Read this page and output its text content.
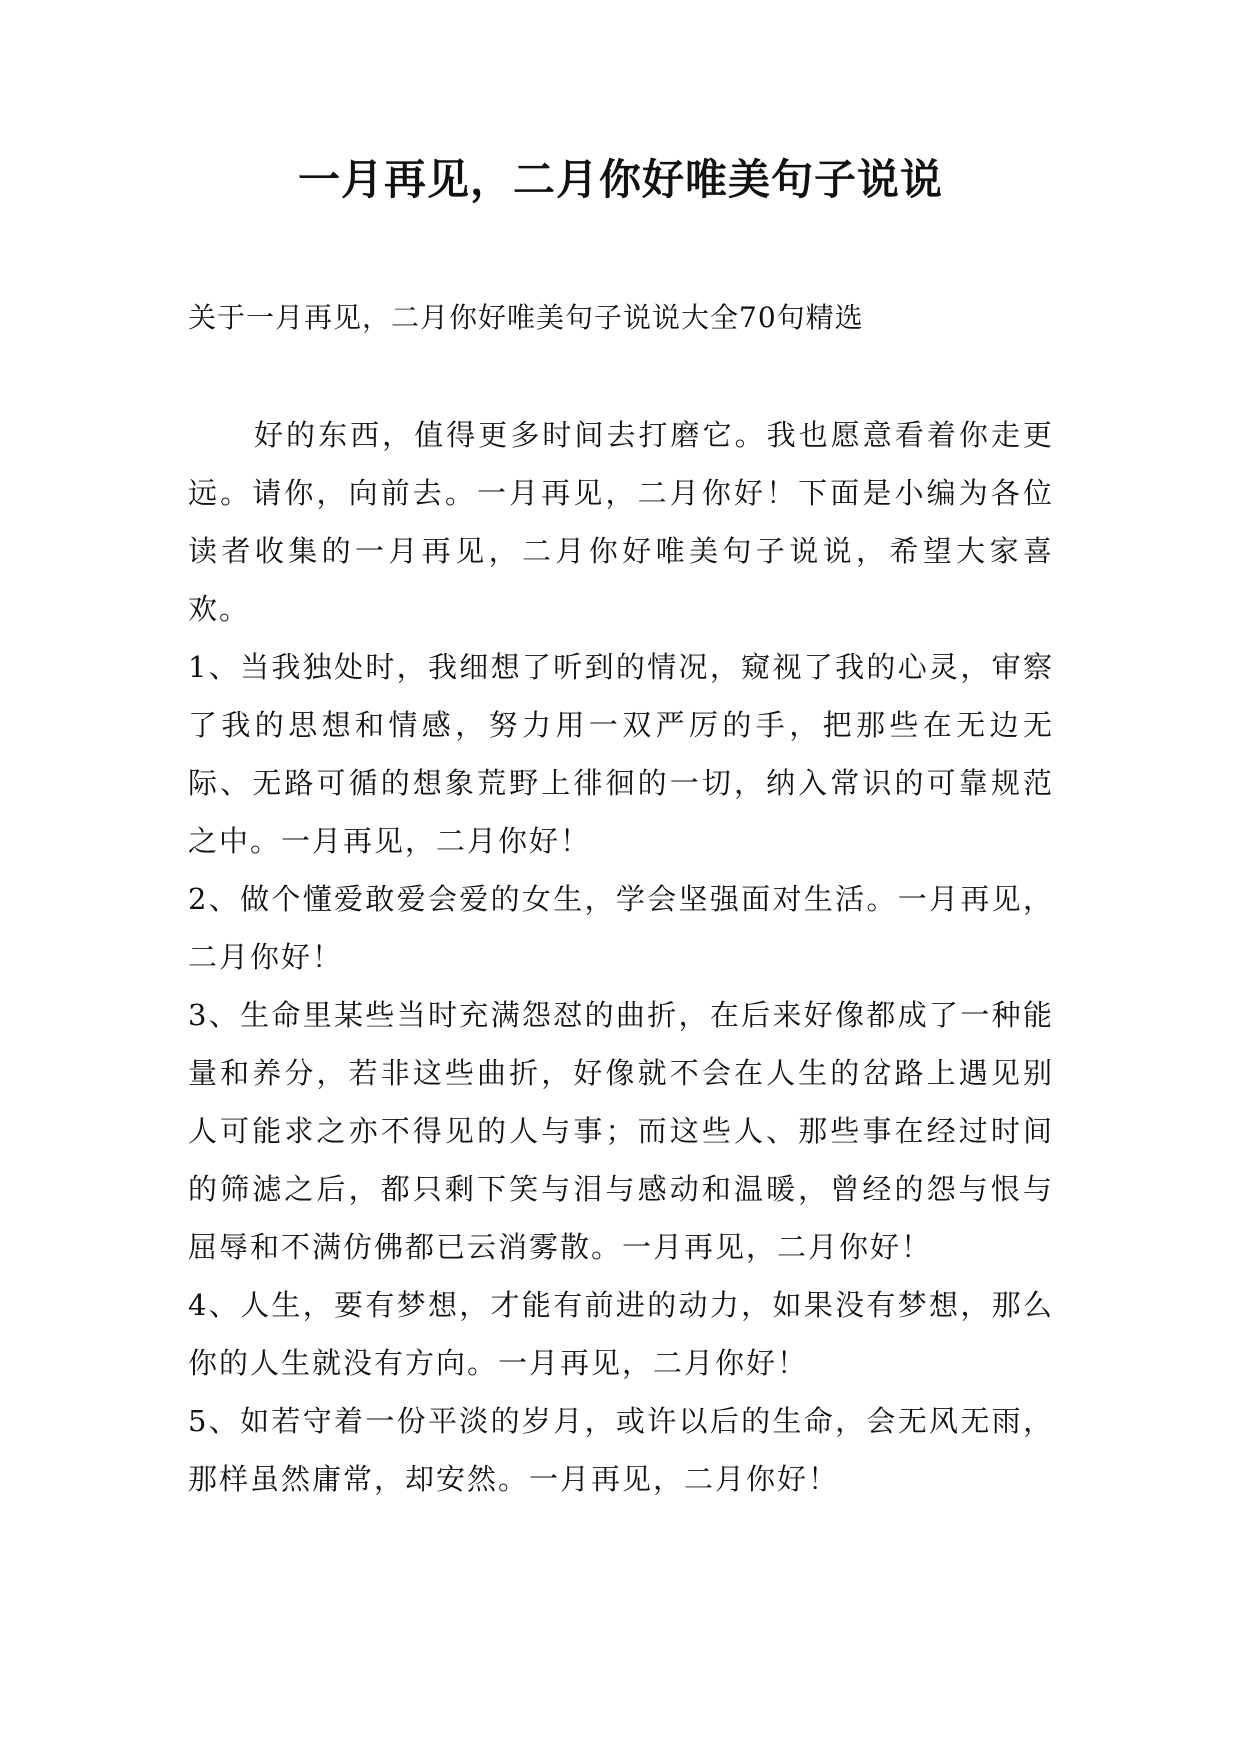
一月再见，二月你好唯美句子说说
关于一月再见，二月你好唯美句子说说大全70句精选

好的东西，值得更多时间去打磨它。我也愿意看着你走更远。请你，向前去。一月再见，二月你好！下面是小编为各位读者收集的一月再见，二月你好唯美句子说说，希望大家喜欢。

1、当我独处时，我细想了听到的情况，窥视了我的心灵，审察了我的思想和情感，努力用一双严厉的手，把那些在无边无际、无路可循的想象荒野上徘徊的一切，纳入常识的可靠规范之中。一月再见，二月你好！

2、做个懂爱敢爱会爱的女生，学会坚强面对生活。一月再见，二月你好！

3、生命里某些当时充满怨怼的曲折，在后来好像都成了一种能量和养分，若非这些曲折，好像就不会在人生的岔路上遇见别人可能求之亦不得见的人与事；而这些人、那些事在经过时间的筛滤之后，都只剩下笑与泪与感动和温暖，曾经的怨与恨与屈辱和不满仿佛都已云消雾散。一月再见，二月你好！

4、人生，要有梦想，才能有前进的动力，如果没有梦想，那么你的人生就没有方向。一月再见，二月你好！

5、如若守着一份平淡的岁月，或许以后的生命，会无风无雨，那样虽然庸常，却安然。一月再见，二月你好！
